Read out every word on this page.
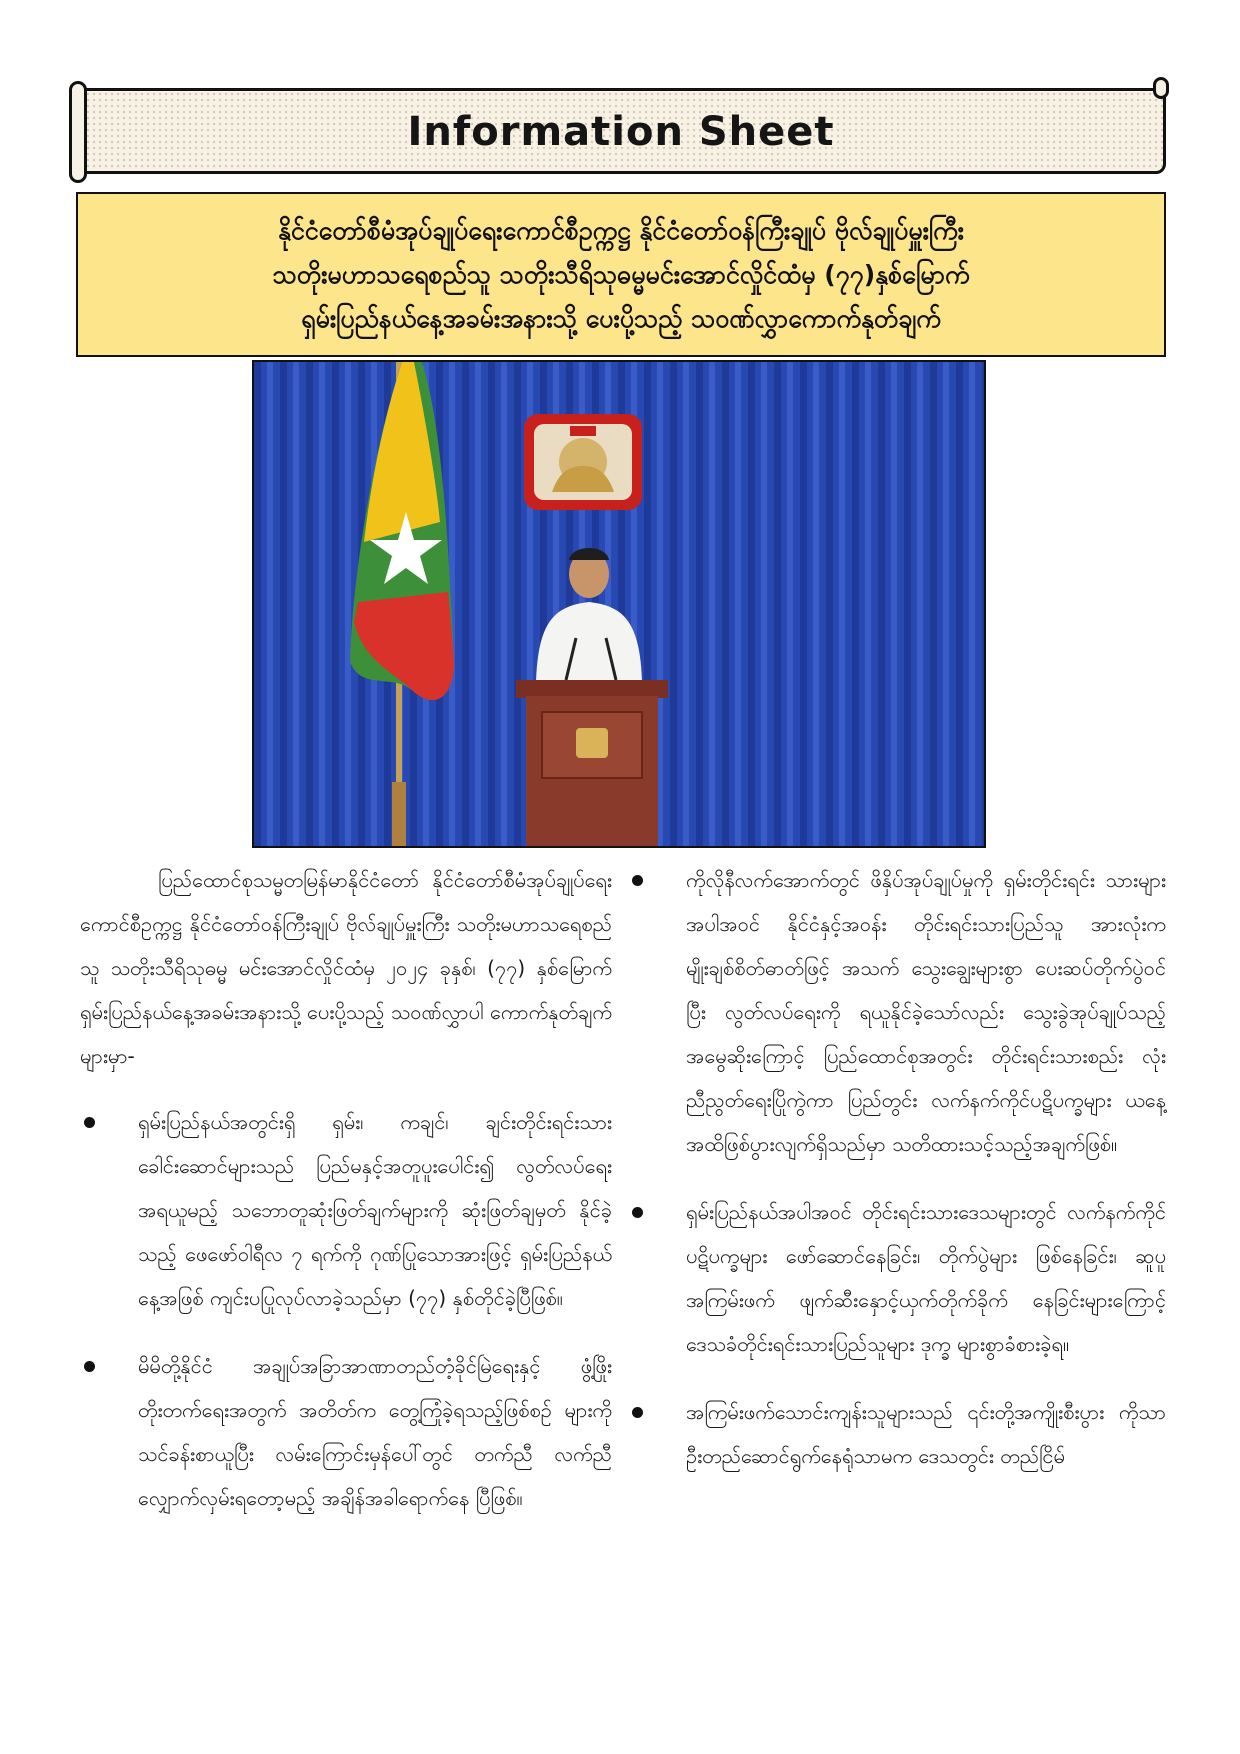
Information Sheet
နိုင်ငံတော်စီမံအုပ်ချုပ်ရေးကောင်စီဥက္ကဋ္ဌ နိုင်ငံတော်ဝန်ကြီးချုပ် ဗိုလ်ချုပ်မှူးကြီး
သတိုးမဟာသရေစည်သူ သတိုးသီရိသုဓမ္မမင်းအောင်လှိုင်ထံမှ (၇၇)နှစ်မြောက်
ရှမ်းပြည်နယ်နေ့အခမ်းအနားသို့ ပေးပို့သည့် သဝဏ်လွှာကောက်နုတ်ချက်

ပြည်ထောင်စုသမ္မတမြန်မာနိုင်ငံတော် နိုင်ငံတော်စီမံအုပ်ချုပ်ရေးကောင်စီဥက္ကဋ္ဌ နိုင်ငံတော်ဝန်ကြီးချုပ် ဗိုလ်ချုပ်မှူးကြီး သတိုးမဟာသရေစည်သူ သတိုးသီရိသုဓမ္မ မင်းအောင်လှိုင်ထံမှ ၂၀၂၄ ခုနှစ်၊ (၇၇) နှစ်မြောက် ရှမ်းပြည်နယ်နေ့အခမ်းအနားသို့ ပေးပို့သည့် သဝဏ်လွှာပါ ကောက်နုတ်ချက်များမှာ-

ရှမ်းပြည်နယ်အတွင်းရှိ ရှမ်း၊ ကချင်၊ ချင်းတိုင်းရင်းသား ခေါင်းဆောင်များသည် ပြည်မနှင့်အတူပူးပေါင်း၍ လွတ်လပ်ရေး အရယူမည့် သဘောတူဆုံးဖြတ်ချက်များကို ဆုံးဖြတ်ချမှတ် နိုင်ခဲ့သည့် ဖေဖော်ဝါရီလ ၇ ရက်ကို ဂုဏ်ပြုသောအားဖြင့် ရှမ်းပြည်နယ်နေ့အဖြစ် ကျင်းပပြုလုပ်လာခဲ့သည်မှာ (၇၇) နှစ်တိုင်ခဲ့ပြီဖြစ်။
မိမိတို့နိုင်ငံ အချုပ်အခြာအာဏာတည်တံ့ခိုင်မြဲရေးနှင့် ဖွံ့ဖြိုး တိုးတက်ရေးအတွက် အတိတ်က တွေ့ကြုံခဲ့ရသည့်ဖြစ်စဉ် များကို သင်ခန်းစာယူပြီး လမ်းကြောင်းမှန်ပေါ်တွင် တက်ညီ လက်ညီ လျှောက်လှမ်းရတော့မည့် အချိန်အခါရောက်နေ ပြီဖြစ်။
ကိုလိုနီလက်အောက်တွင် ဖိနှိပ်အုပ်ချုပ်မှုကို ရှမ်းတိုင်းရင်း သားများအပါအဝင် နိုင်ငံနှင့်အဝန်း တိုင်းရင်းသားပြည်သူ အားလုံးက မျိုးချစ်စိတ်ဓာတ်ဖြင့် အသက် သွေးချွေးများစွာ ပေးဆပ်တိုက်ပွဲဝင်ပြီး လွတ်လပ်ရေးကို ရယူနိုင်ခဲ့သော်လည်း သွေးခွဲအုပ်ချုပ်သည့်အမွေဆိုးကြောင့် ပြည်ထောင်စုအတွင်း တိုင်းရင်းသားစည်း လုံးညီညွတ်ရေးပြိုကွဲကာ ပြည်တွင်း လက်နက်ကိုင်ပဋိပက္ခများ ယနေ့အထိဖြစ်ပွားလျက်ရှိသည်မှာ သတိထားသင့်သည့်အချက်ဖြစ်။
ရှမ်းပြည်နယ်အပါအဝင် တိုင်းရင်းသားဒေသများတွင် လက်နက်ကိုင်ပဋိပက္ခများ ဖော်ဆောင်နေခြင်း၊ တိုက်ပွဲများ ဖြစ်နေခြင်း၊ ဆူပူအကြမ်းဖက် ဖျက်ဆီးနှောင့်ယှက်တိုက်ခိုက် နေခြင်းများကြောင့် ဒေသခံတိုင်းရင်းသားပြည်သူများ ဒုက္ခ များစွာခံစားခဲ့ရ။
အကြမ်းဖက်သောင်းကျန်းသူများသည် ၎င်းတို့အကျိုးစီးပွား ကိုသာ ဦးတည်ဆောင်ရွက်နေရုံသာမက ဒေသတွင်း တည်ငြိမ်
